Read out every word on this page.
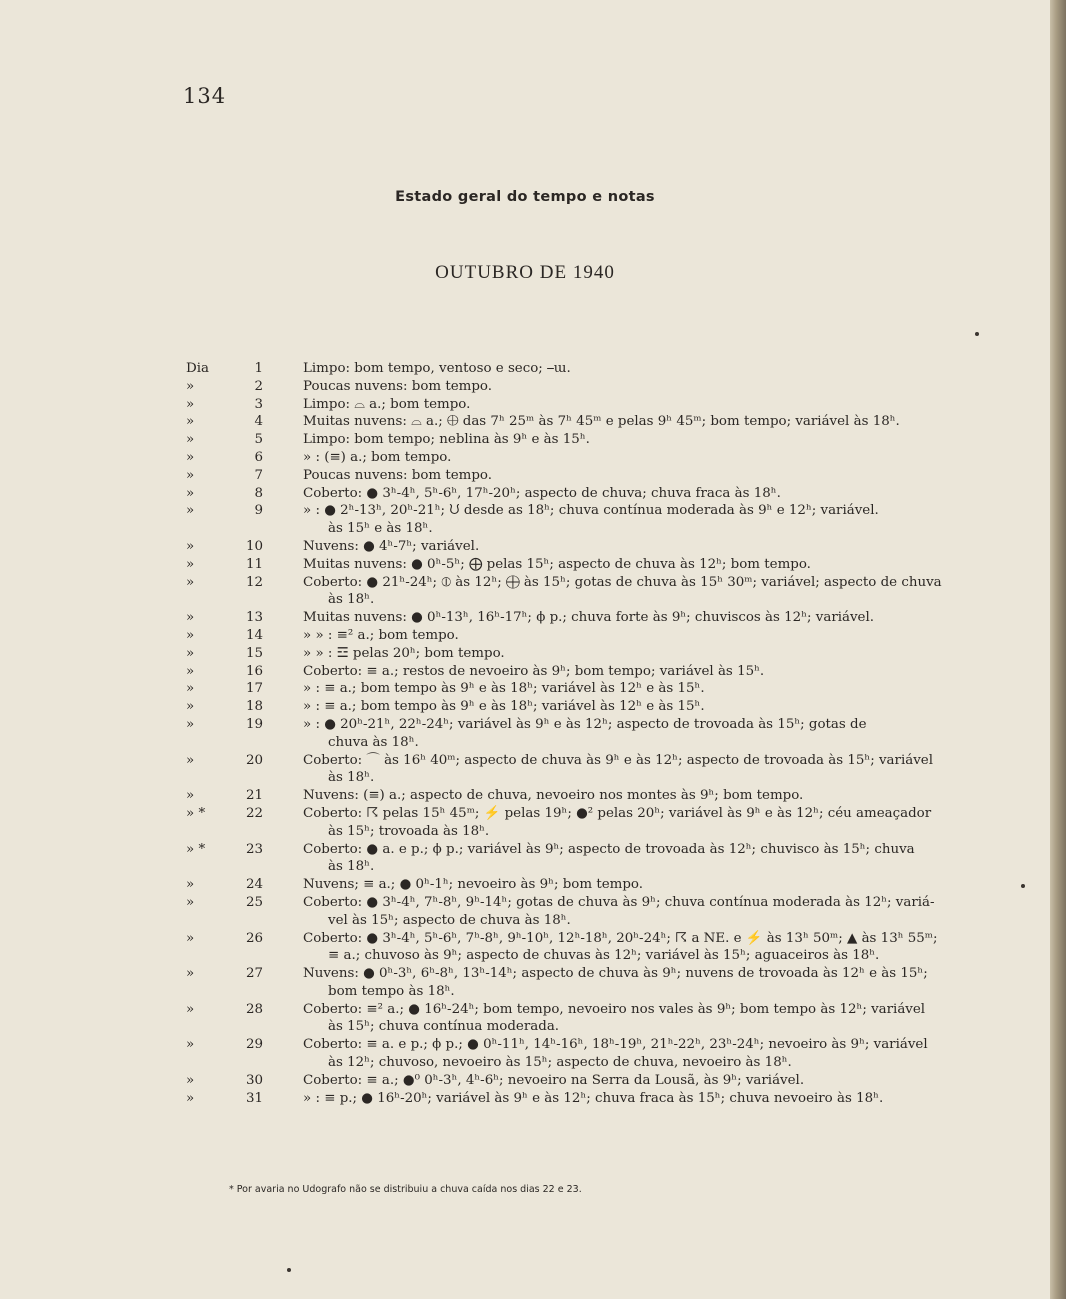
134
Estado geral do tempo e notas
OUTUBRO DE 1940
Dia	1	Limpo: bom tempo, ventoso e seco; ⎯ɯ.
»	2	Poucas nuvens: bom tempo.
»	3	Limpo: ⌓ a.; bom tempo.
»	4	Muitas nuvens: ⌓ a.; ⨁ das 7ʰ 25ᵐ às 7ʰ 45ᵐ e pelas 9ʰ 45ᵐ; bom tempo; variável às 18ʰ.
»	5	Limpo: bom tempo; neblina às 9ʰ e às 15ʰ.
»	6	» : (≡) a.; bom tempo.
»	7	Poucas nuvens: bom tempo.
»	8	Coberto: ● 3ʰ-4ʰ, 5ʰ-6ʰ, 17ʰ-20ʰ; aspecto de chuva; chuva fraca às 18ʰ.
»	9	» : ● 2ʰ-13ʰ, 20ʰ-21ʰ; ᙀ desde as 18ʰ; chuva contínua moderada às 9ʰ e 12ʰ; variável.
às 15ʰ e às 18ʰ.
»	10	Nuvens: ● 4ʰ-7ʰ; variável.
»	11	Muitas nuvens: ● 0ʰ-5ʰ; ⨁ pelas 15ʰ; aspecto de chuva às 12ʰ; bom tempo.
»	12	Coberto: ● 21ʰ-24ʰ; ⦶ às 12ʰ; ⨁ às 15ʰ; gotas de chuva às 15ʰ 30ᵐ; variável; aspecto de chuva
às 18ʰ.
»	13	Muitas nuvens: ● 0ʰ-13ʰ, 16ʰ-17ʰ; ϕ p.; chuva forte às 9ʰ; chuviscos às 12ʰ; variável.
»	14	» » : ≡² a.; bom tempo.
»	15	» » : ☲ pelas 20ʰ; bom tempo.
»	16	Coberto: ≡ a.; restos de nevoeiro às 9ʰ; bom tempo; variável às 15ʰ.
»	17	» : ≡ a.; bom tempo às 9ʰ e às 18ʰ; variável às 12ʰ e às 15ʰ.
»	18	» : ≡ a.; bom tempo às 9ʰ e às 18ʰ; variável às 12ʰ e às 15ʰ.
»	19	» : ● 20ʰ-21ʰ, 22ʰ-24ʰ; variável às 9ʰ e às 12ʰ; aspecto de trovoada às 15ʰ; gotas de
chuva às 18ʰ.
»	20	Coberto: ⌒ às 16ʰ 40ᵐ; aspecto de chuva às 9ʰ e às 12ʰ; aspecto de trovoada às 15ʰ; variável
às 18ʰ.
»	21	Nuvens: (≡) a.; aspecto de chuva, nevoeiro nos montes às 9ʰ; bom tempo.
» *	22	Coberto: ☈ pelas 15ʰ 45ᵐ; ⚡ pelas 19ʰ; ●² pelas 20ʰ; variável às 9ʰ e às 12ʰ; céu ameaçador
às 15ʰ; trovoada às 18ʰ.
» *	23	Coberto: ● a. e p.; ϕ p.; variável às 9ʰ; aspecto de trovoada às 12ʰ; chuvisco às 15ʰ; chuva
às 18ʰ.
»	24	Nuvens; ≡ a.; ● 0ʰ-1ʰ; nevoeiro às 9ʰ; bom tempo.
»	25	Coberto: ● 3ʰ-4ʰ, 7ʰ-8ʰ, 9ʰ-14ʰ; gotas de chuva às 9ʰ; chuva contínua moderada às 12ʰ; variá-
vel às 15ʰ; aspecto de chuva às 18ʰ.
»	26	Coberto: ● 3ʰ-4ʰ, 5ʰ-6ʰ, 7ʰ-8ʰ, 9ʰ-10ʰ, 12ʰ-18ʰ, 20ʰ-24ʰ; ☈ a NE. e ⚡ às 13ʰ 50ᵐ; ▲ às 13ʰ 55ᵐ;
≡ a.; chuvoso às 9ʰ; aspecto de chuvas às 12ʰ; variável às 15ʰ; aguaceiros às 18ʰ.
»	27	Nuvens: ● 0ʰ-3ʰ, 6ʰ-8ʰ, 13ʰ-14ʰ; aspecto de chuva às 9ʰ; nuvens de trovoada às 12ʰ e às 15ʰ;
bom tempo às 18ʰ.
»	28	Coberto: ≡² a.; ● 16ʰ-24ʰ; bom tempo, nevoeiro nos vales às 9ʰ; bom tempo às 12ʰ; variável
às 15ʰ; chuva contínua moderada.
»	29	Coberto: ≡ a. e p.; ϕ p.; ● 0ʰ-11ʰ, 14ʰ-16ʰ, 18ʰ-19ʰ, 21ʰ-22ʰ, 23ʰ-24ʰ; nevoeiro às 9ʰ; variável
às 12ʰ; chuvoso, nevoeiro às 15ʰ; aspecto de chuva, nevoeiro às 18ʰ.
»	30	Coberto: ≡ a.; ●⁰ 0ʰ-3ʰ, 4ʰ-6ʰ; nevoeiro na Serra da Lousã, às 9ʰ; variável.
»	31	» : ≡ p.; ● 16ʰ-20ʰ; variável às 9ʰ e às 12ʰ; chuva fraca às 15ʰ; chuva nevoeiro às 18ʰ.
* Por avaria no Udografo não se distribuiu a chuva caída nos dias 22 e 23.
